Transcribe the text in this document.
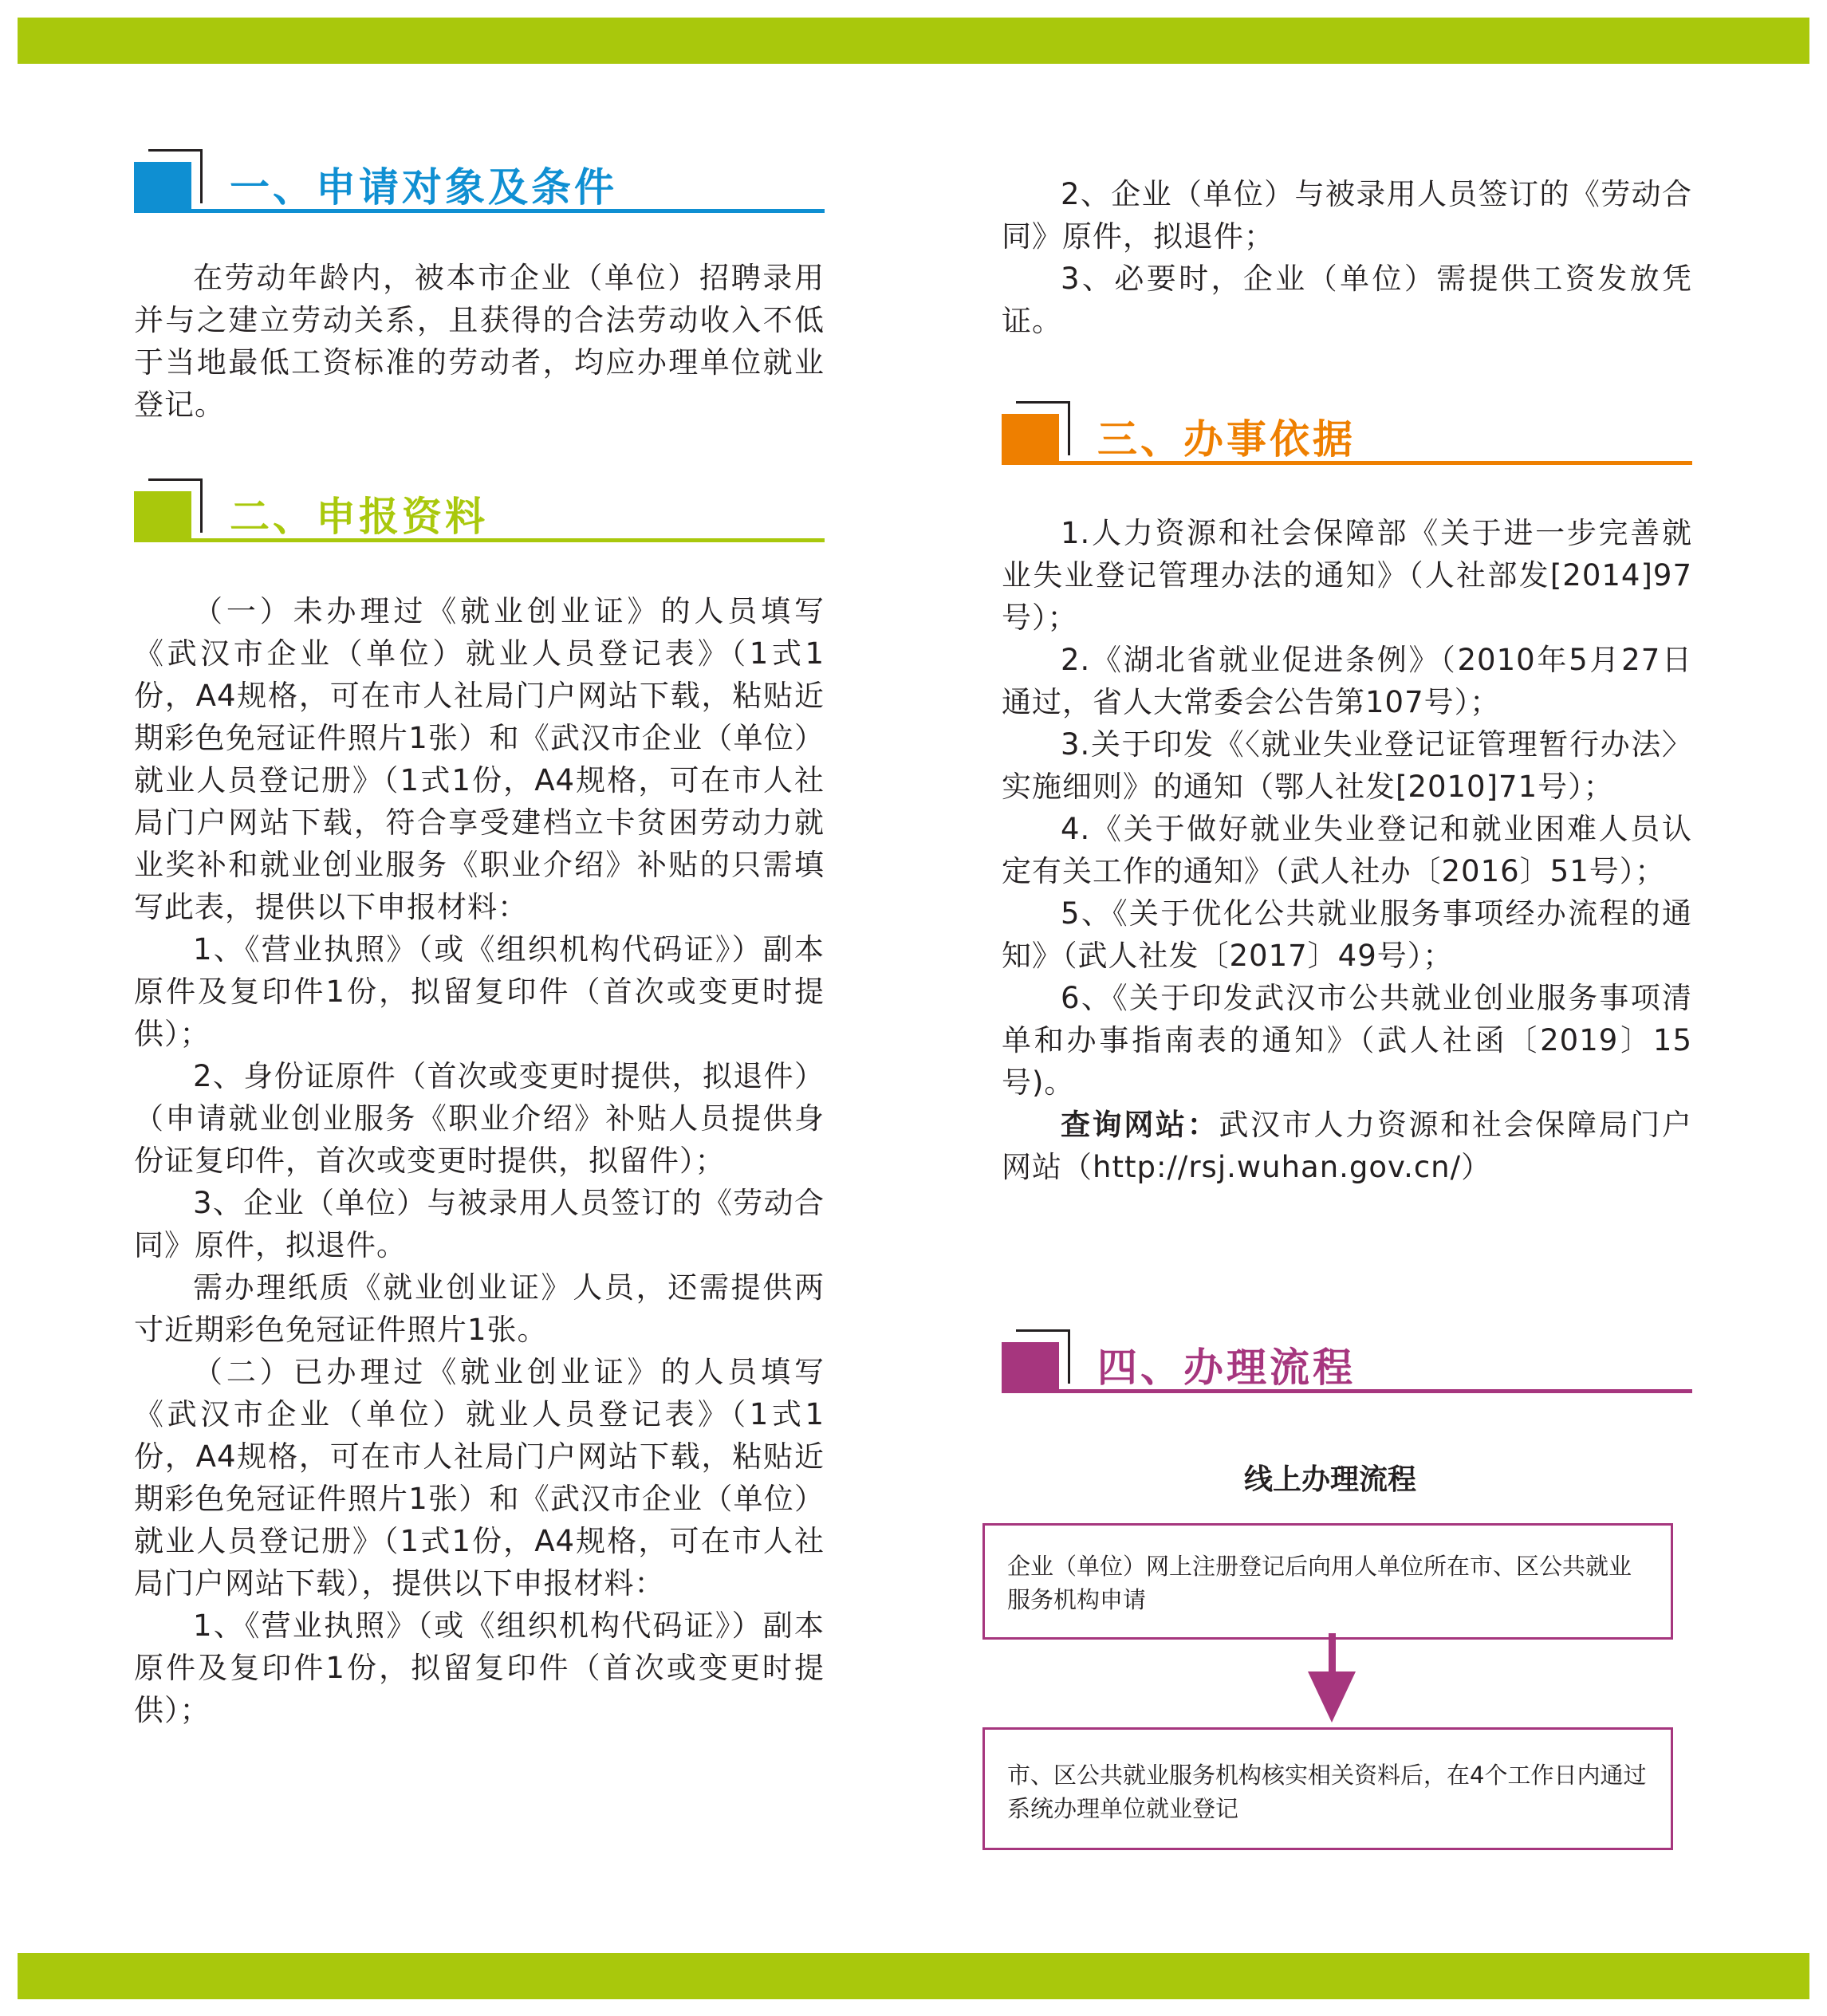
一、申请对象及条件

在劳动年龄内，被本市企业（单位）招聘录用并与之建立劳动关系，且获得的合法劳动收入不低于当地最低工资标准的劳动者，均应办理单位就业登记。

二、申报资料

（一）未办理过《就业创业证》的人员填写《武汉市企业（单位）就业人员登记表》（1式1份，A4规格，可在市人社局门户网站下载，粘贴近期彩色免冠证件照片1张）和《武汉市企业（单位）就业人员登记册》（1式1份，A4规格，可在市人社局门户网站下载，符合享受建档立卡贫困劳动力就业奖补和就业创业服务《职业介绍》补贴的只需填写此表，提供以下申报材料：

1、《营业执照》（或《组织机构代码证》）副本原件及复印件1份，拟留复印件（首次或变更时提供）；

2、身份证原件（首次或变更时提供，拟退件）（申请就业创业服务《职业介绍》补贴人员提供身份证复印件，首次或变更时提供，拟留件）；

3、企业（单位）与被录用人员签订的《劳动合同》原件，拟退件。

需办理纸质《就业创业证》人员，还需提供两寸近期彩色免冠证件照片1张。

（二）已办理过《就业创业证》的人员填写《武汉市企业（单位）就业人员登记表》（1式1份，A4规格，可在市人社局门户网站下载，粘贴近期彩色免冠证件照片1张）和《武汉市企业（单位）就业人员登记册》（1式1份，A4规格，可在市人社局门户网站下载），提供以下申报材料：

1、《营业执照》（或《组织机构代码证》）副本原件及复印件1份，拟留复印件（首次或变更时提供）；

2、企业（单位）与被录用人员签订的《劳动合同》原件，拟退件；

3、必要时，企业（单位）需提供工资发放凭证。

三、办事依据

1.人力资源和社会保障部《关于进一步完善就业失业登记管理办法的通知》（人社部发[2014]97号）；

2.《湖北省就业促进条例》（2010年5月27日通过，省人大常委会公告第107号）；

3.关于印发《〈就业失业登记证管理暂行办法〉实施细则》的通知（鄂人社发[2010]71号）；

4.《关于做好就业失业登记和就业困难人员认定有关工作的通知》（武人社办〔2016〕51号）；

5、《关于优化公共就业服务事项经办流程的通知》（武人社发〔2017〕49号）；

6、《关于印发武汉市公共就业创业服务事项清单和办事指南表的通知》（武人社函〔2019〕15号)。

查询网站：武汉市人力资源和社会保障局门户网站（http://rsj.wuhan.gov.cn/）

四、办理流程
线上办理流程
企业（单位）网上注册登记后向用人单位所在市、区公共就业服务机构申请
市、区公共就业服务机构核实相关资料后，在4个工作日内通过系统办理单位就业登记
